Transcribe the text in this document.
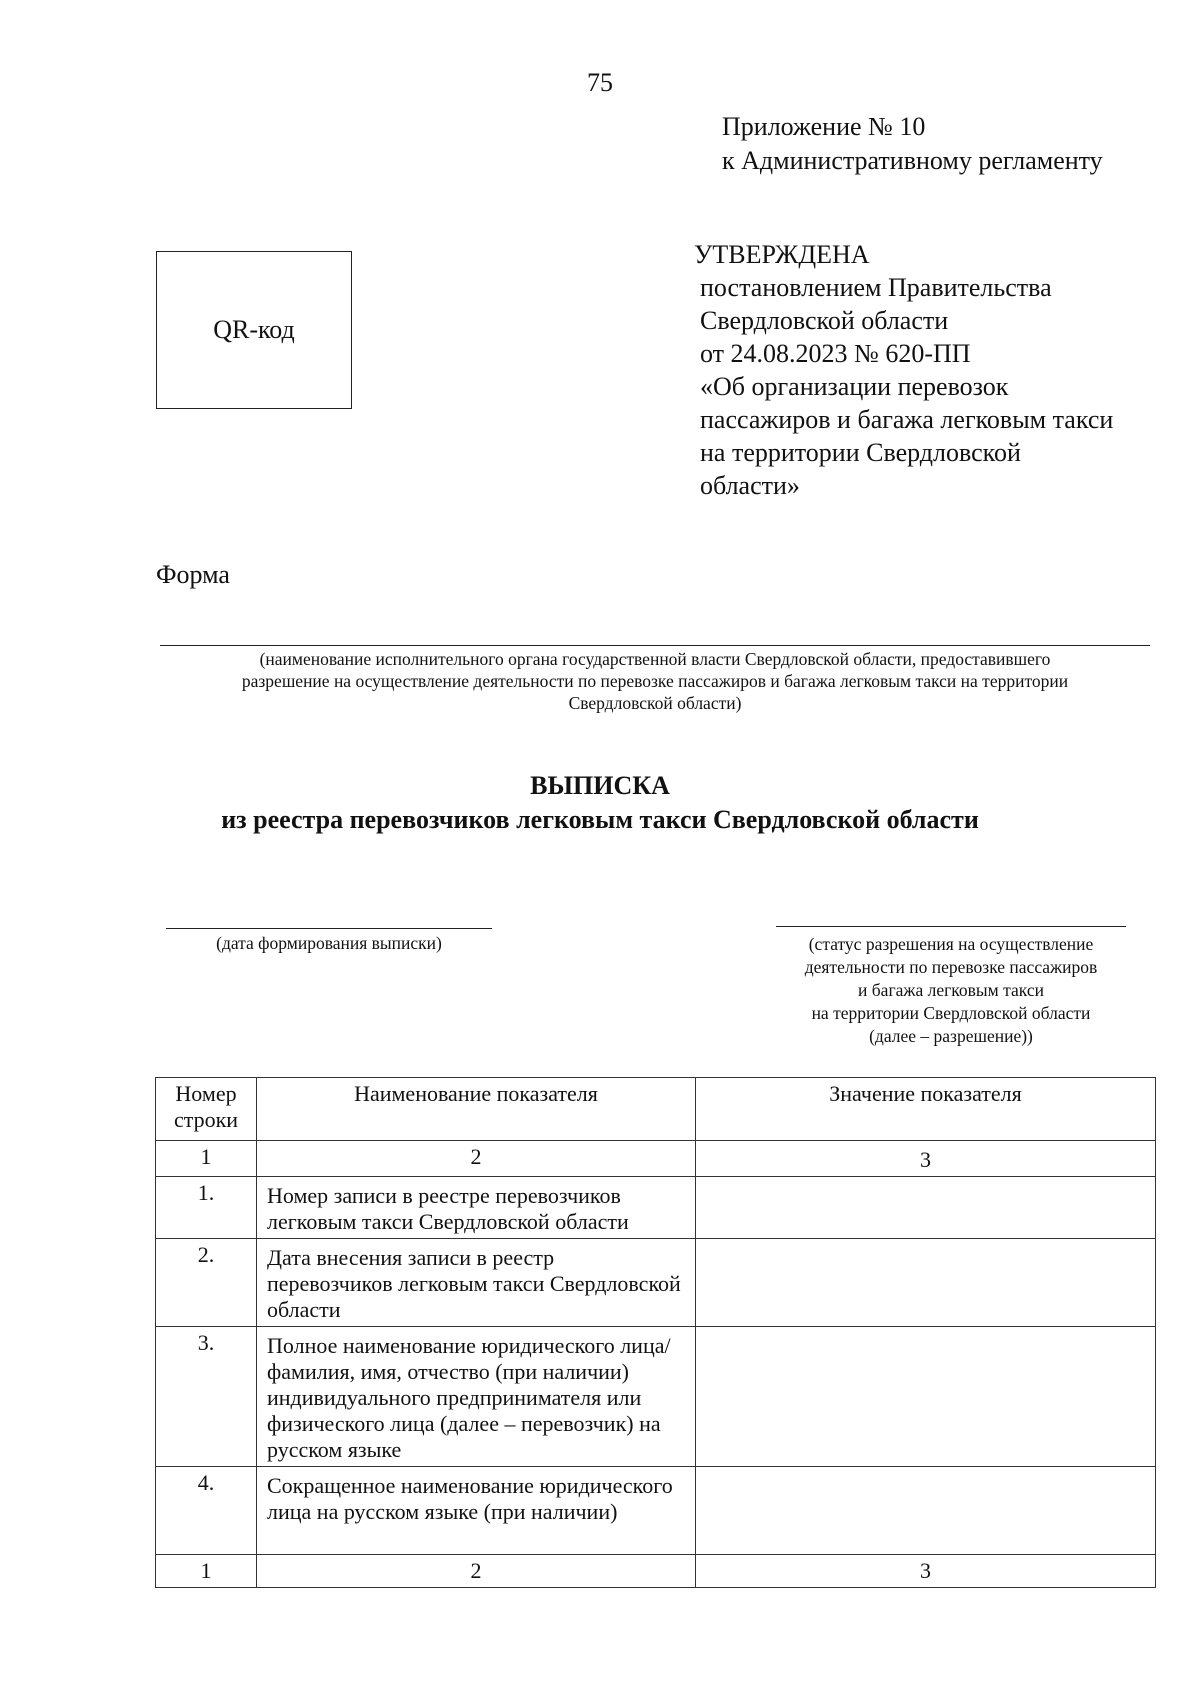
75
Приложение № 10
к Административному регламенту
QR-код
УТВЕРЖДЕНА
постановлением Правительства
Свердловской области
от 24.08.2023 № 620-ПП
«Об организации перевозок
пассажиров и багажа легковым такси
на территории Свердловской
области»
Форма
(наименование исполнительного органа государственной власти Свердловской области, предоставившего
разрешение на осуществление деятельности по перевозке пассажиров и багажа легковым такси на территории
Свердловской области)
ВЫПИСКА
из реестра перевозчиков легковым такси Свердловской области
(дата формирования выписки)	(статус разрешения на осуществление
деятельности по перевозке пассажиров
и багажа легковым такси
на территории Свердловской области
(далее – разрешение))
Номер строки	Наименование показателя	Значение показателя
1	2	3
1.	Номер записи в реестре перевозчиков легковым такси Свердловской области	
2.	Дата внесения записи в реестр перевозчиков легковым такси Свердловской области	
3.	Полное наименование юридического лица/фамилия, имя, отчество (при наличии) индивидуального предпринимателя или физического лица (далее – перевозчик) на русском языке	
4.	Сокращенное наименование юридического лица на русском языке (при наличии)	
1	2	3
